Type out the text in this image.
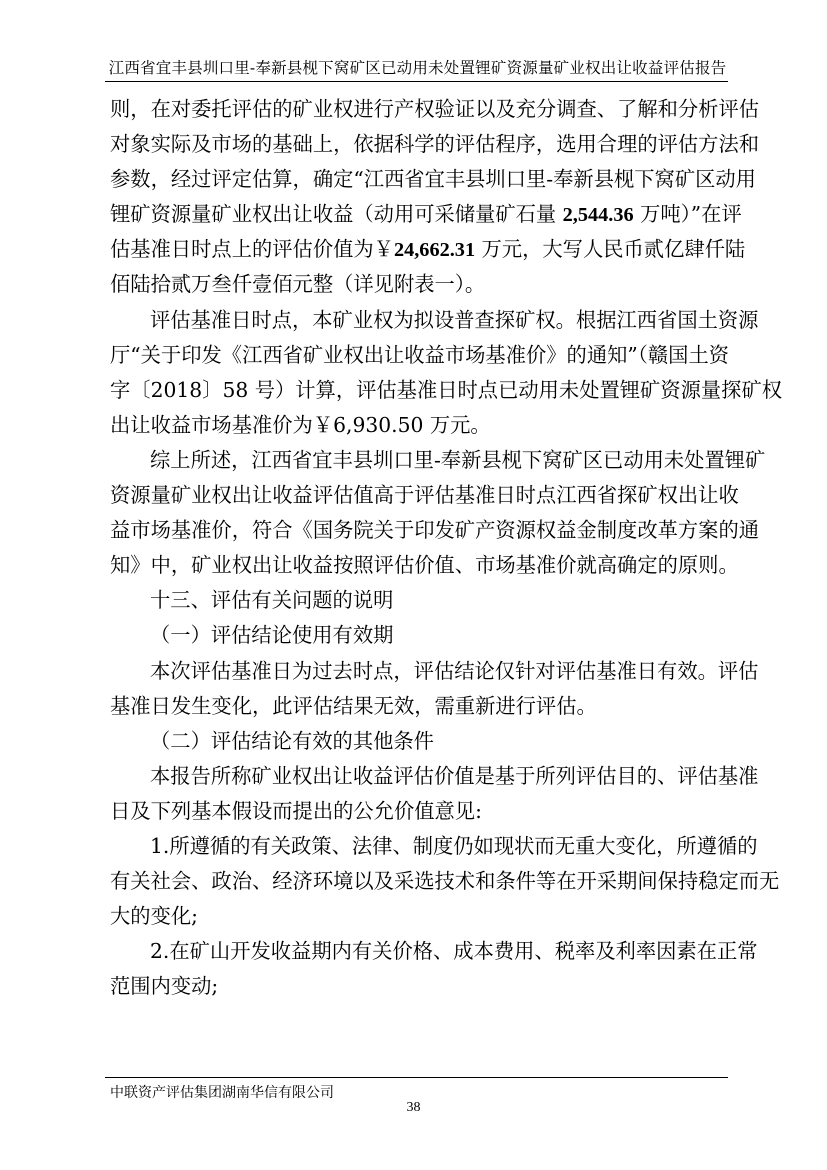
江西省宜丰县圳口里-奉新县枧下窝矿区已动用未处置锂矿资源量矿业权出让收益评估报告
则，在对委托评估的矿业权进行产权验证以及充分调查、了解和分析评估
对象实际及市场的基础上，依据科学的评估程序，选用合理的评估方法和
参数，经过评定估算，确定“江西省宜丰县圳口里-奉新县枧下窝矿区动用
锂矿资源量矿业权出让收益（动用可采储量矿石量 2,544.36 万吨）”在评
估基准日时点上的评估价值为￥24,662.31 万元，大写人民币贰亿肆仟陆
佰陆拾贰万叁仟壹佰元整（详见附表一）。
评估基准日时点，本矿业权为拟设普查探矿权。根据江西省国土资源
厅“关于印发《江西省矿业权出让收益市场基准价》的通知”（赣国土资
字〔2018〕58 号）计算，评估基准日时点已动用未处置锂矿资源量探矿权
出让收益市场基准价为￥6,930.50 万元。
综上所述，江西省宜丰县圳口里-奉新县枧下窝矿区已动用未处置锂矿
资源量矿业权出让收益评估值高于评估基准日时点江西省探矿权出让收
益市场基准价，符合《国务院关于印发矿产资源权益金制度改革方案的通
知》中，矿业权出让收益按照评估价值、市场基准价就高确定的原则。
十三、评估有关问题的说明
（一）评估结论使用有效期
本次评估基准日为过去时点，评估结论仅针对评估基准日有效。评估
基准日发生变化，此评估结果无效，需重新进行评估。
（二）评估结论有效的其他条件
本报告所称矿业权出让收益评估价值是基于所列评估目的、评估基准
日及下列基本假设而提出的公允价值意见:
1.所遵循的有关政策、法律、制度仍如现状而无重大变化，所遵循的
有关社会、政治、经济环境以及采选技术和条件等在开采期间保持稳定而无
大的变化;
2.在矿山开发收益期内有关价格、成本费用、税率及利率因素在正常
范围内变动;
中联资产评估集团湖南华信有限公司
38
